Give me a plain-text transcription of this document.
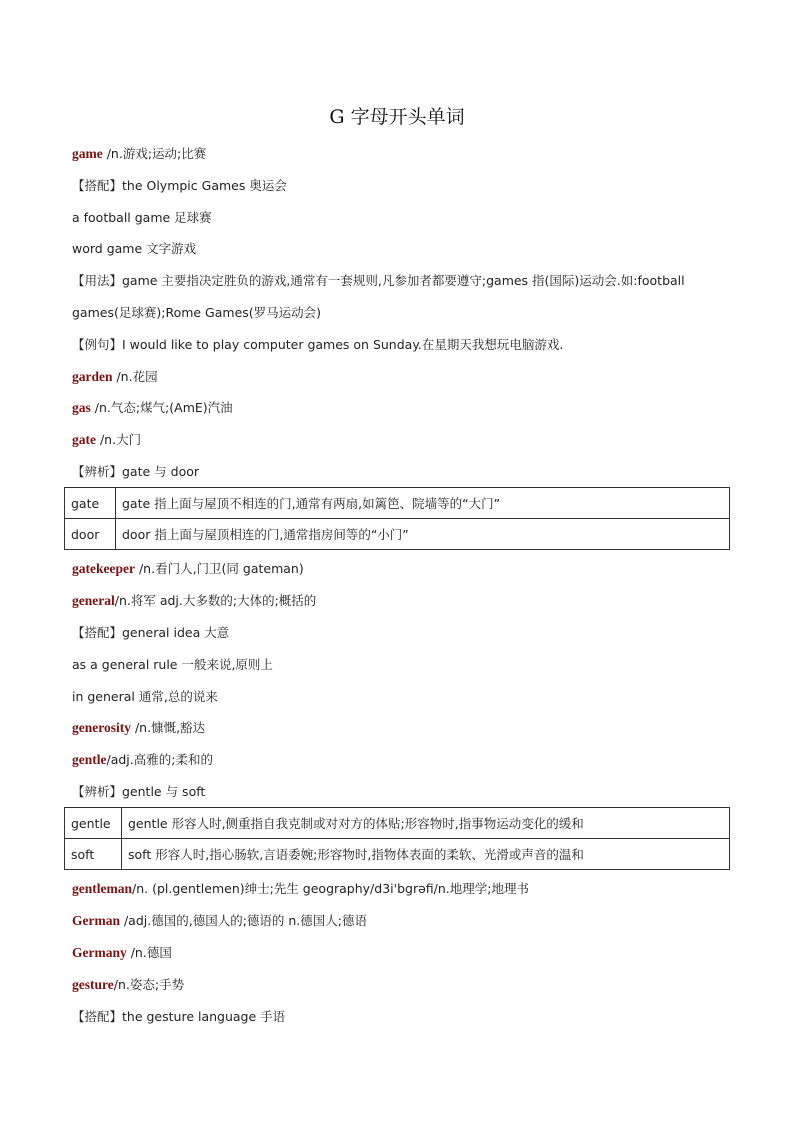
G 字母开头单词
game /n.游戏;运动;比赛
【搭配】the Olympic Games 奥运会
a football game 足球赛
word game 文字游戏
【用法】game 主要指决定胜负的游戏,通常有一套规则,凡参加者都要遵守;games 指(国际)运动会.如:football games(足球赛);Rome Games(罗马运动会)
【例句】I would like to play computer games on Sunday.在星期天我想玩电脑游戏.
garden /n.花园
gas /n.气态;煤气;(AmE)汽油
gate /n.大门
【辨析】gate 与 door
gate	gate 指上面与屋顶不相连的门,通常有两扇,如篱笆、院墙等的“大门”
door	door 指上面与屋顶相连的门,通常指房间等的“小门”
gatekeeper /n.看门人,门卫(同 gateman)
general/n.将军 adj.大多数的;大体的;概括的
【搭配】general idea 大意
as a general rule 一般来说,原则上
in general 通常,总的说来
generosity /n.慷慨,豁达
gentle/adj.高雅的;柔和的
【辨析】gentle 与 soft
gentle	gentle 形容人时,侧重指自我克制或对对方的体贴;形容物时,指事物运动变化的缓和
soft	soft 形容人时,指心肠软,言语委婉;形容物时,指物体表面的柔软、光滑或声音的温和
gentleman/n. (pl.gentlemen)绅士;先生 geography/d3i'bgrəfi/n.地理学;地理书
German /adj.德国的,德国人的;德语的 n.德国人;德语
Germany /n.德国
gesture/n.姿态;手势
【搭配】the gesture language 手语
